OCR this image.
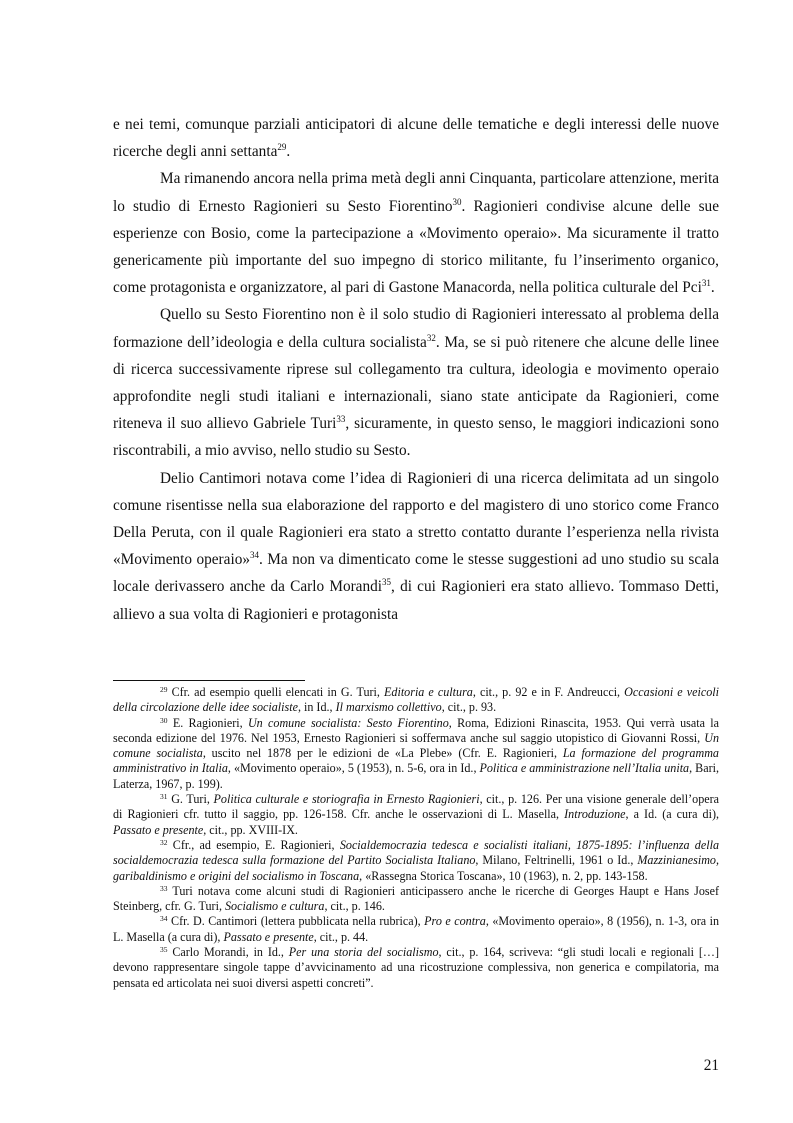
e nei temi, comunque parziali anticipatori di alcune delle tematiche e degli interessi delle nuove ricerche degli anni settanta$^{29}$.

Ma rimanendo ancora nella prima metà degli anni Cinquanta, particolare attenzione, merita lo studio di Ernesto Ragionieri su Sesto Fiorentino$^{30}$. Ragionieri condivise alcune delle sue esperienze con Bosio, come la partecipazione a «Movimento operaio». Ma sicuramente il tratto genericamente più importante del suo impegno di storico militante, fu l’inserimento organico, come protagonista e organizzatore, al pari di Gastone Manacorda, nella politica culturale del Pci$^{31}$.

Quello su Sesto Fiorentino non è il solo studio di Ragionieri interessato al problema della formazione dell’ideologia e della cultura socialista$^{32}$. Ma, se si può ritenere che alcune delle linee di ricerca successivamente riprese sul collegamento tra cultura, ideologia e movimento operaio approfondite negli studi italiani e internazionali, siano state anticipate da Ragionieri, come riteneva il suo allievo Gabriele Turi$^{33}$, sicuramente, in questo senso, le maggiori indicazioni sono riscontrabili, a mio avviso, nello studio su Sesto.

Delio Cantimori notava come l’idea di Ragionieri di una ricerca delimitata ad un singolo comune risentisse nella sua elaborazione del rapporto e del magistero di uno storico come Franco Della Peruta, con il quale Ragionieri era stato a stretto contatto durante l’esperienza nella rivista «Movimento operaio»$^{34}$. Ma non va dimenticato come le stesse suggestioni ad uno studio su scala locale derivassero anche da Carlo Morandi$^{35}$, di cui Ragionieri era stato allievo. Tommaso Detti, allievo a sua volta di Ragionieri e protagonista

$^{29}$ Cfr. ad esempio quelli elencati in G. Turi, Editoria e cultura, cit., p. 92 e in F. Andreucci, Occasioni e veicoli della circolazione delle idee socialiste, in Id., Il marxismo collettivo, cit., p. 93.

$^{30}$ E. Ragionieri, Un comune socialista: Sesto Fiorentino, Roma, Edizioni Rinascita, 1953. Qui verrà usata la seconda edizione del 1976. Nel 1953, Ernesto Ragionieri si soffermava anche sul saggio utopistico di Giovanni Rossi, Un comune socialista, uscito nel 1878 per le edizioni de «La Plebe» (Cfr. E. Ragionieri, La formazione del programma amministrativo in Italia, «Movimento operaio», 5 (1953), n. 5-6, ora in Id., Politica e amministrazione nell’Italia unita, Bari, Laterza, 1967, p. 199).

$^{31}$ G. Turi, Politica culturale e storiografia in Ernesto Ragionieri, cit., p. 126. Per una visione generale dell’opera di Ragionieri cfr. tutto il saggio, pp. 126-158. Cfr. anche le osservazioni di L. Masella, Introduzione, a Id. (a cura di), Passato e presente, cit., pp. XVIII-IX.

$^{32}$ Cfr., ad esempio, E. Ragionieri, Socialdemocrazia tedesca e socialisti italiani, 1875-1895: l’influenza della socialdemocrazia tedesca sulla formazione del Partito Socialista Italiano, Milano, Feltrinelli, 1961 o Id., Mazzinianesimo, garibaldinismo e origini del socialismo in Toscana, «Rassegna Storica Toscana», 10 (1963), n. 2, pp. 143-158.

$^{33}$ Turi notava come alcuni studi di Ragionieri anticipassero anche le ricerche di Georges Haupt e Hans Josef Steinberg, cfr. G. Turi, Socialismo e cultura, cit., p. 146.

$^{34}$ Cfr. D. Cantimori (lettera pubblicata nella rubrica), Pro e contra, «Movimento operaio», 8 (1956), n. 1-3, ora in L. Masella (a cura di), Passato e presente, cit., p. 44.

$^{35}$ Carlo Morandi, in Id., Per una storia del socialismo, cit., p. 164, scriveva: “gli studi locali e regionali […] devono rappresentare singole tappe d’avvicinamento ad una ricostruzione complessiva, non generica e compilatoria, ma pensata ed articolata nei suoi diversi aspetti concreti”.

21
